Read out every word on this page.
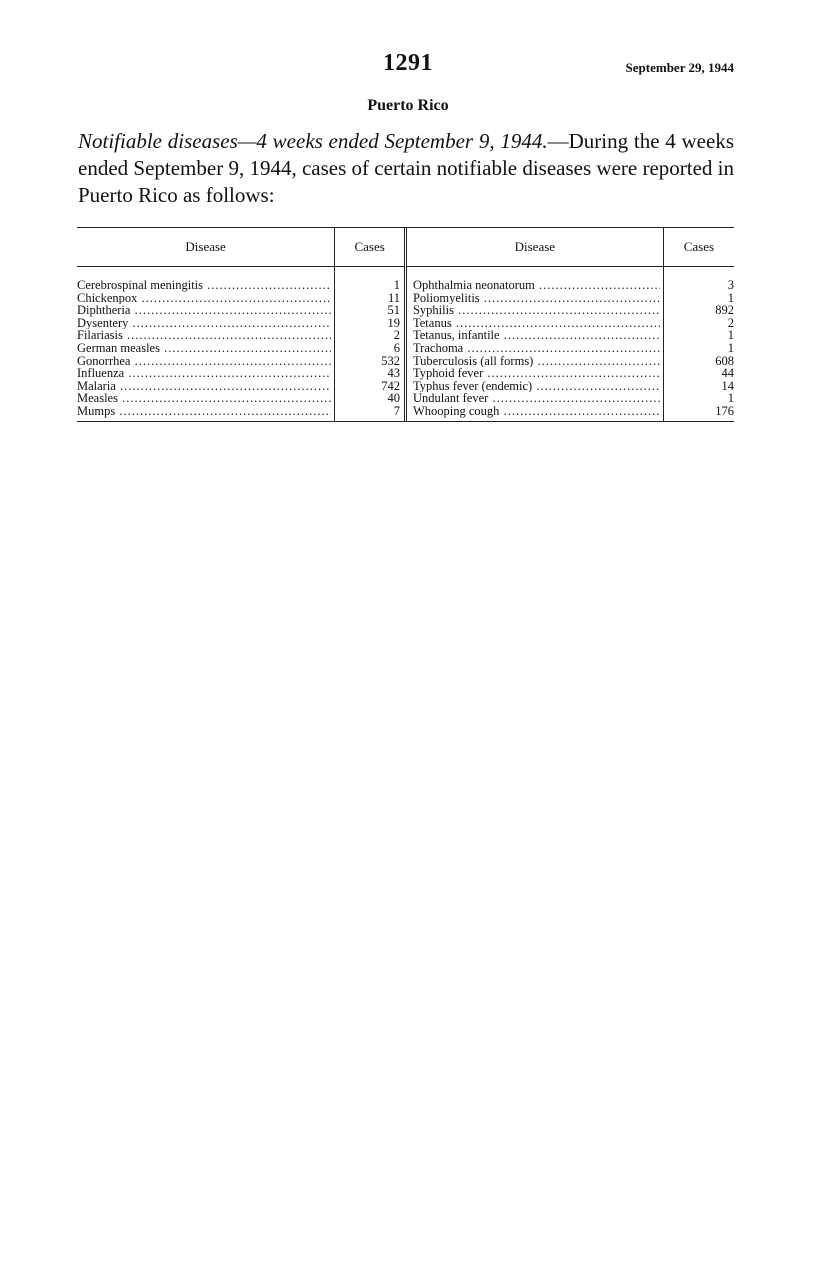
1291	September 29, 1944
Puerto Rico

Notifiable diseases—4 weeks ended September 9, 1944.—During the 4 weeks ended September 9, 1944, cases of certain notifiable diseases were reported in Puerto Rico as follows:

Disease	Cases	Disease	Cases

Cerebrospinal meningitis .....	1	Ophthalmia neonatorum .....	3

Chickenpox .....	11	Poliomyelitis .....	1

Diphtheria .....	51	Syphilis .....	892

Dysentery .....	19	Tetanus .....	2

Filariasis .....	2	Tetanus, infantile .....	1

German measles .....	6	Trachoma .....	1

Gonorrhea .....	532	Tuberculosis (all forms) .....	608

Influenza .....	43	Typhoid fever .....	44

Malaria .....	742	Typhus fever (endemic) .....	14

Measles .....	40	Undulant fever .....	1

Mumps .....	7	Whooping cough .....	176
